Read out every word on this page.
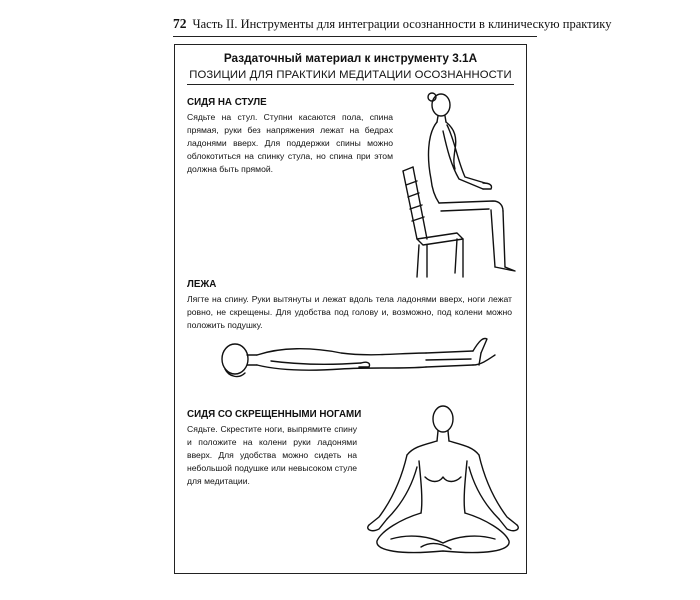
72 Часть II. Инструменты для интеграции осознанности в клиническую практику
Раздаточный материал к инструменту 3.1А
ПОЗИЦИИ ДЛЯ ПРАКТИКИ МЕДИТАЦИИ ОСОЗНАННОСТИ
СИДЯ НА СТУЛЕ
Сядьте на стул. Ступни касаются пола, спина прямая, руки без напряжения лежат на бедрах ладонями вверх. Для поддержки спины можно облокотиться на спинку стула, но спина при этом должна быть прямой.
ЛЕЖА
Лягте на спину. Руки вытянуты и лежат вдоль тела ладонями вверх, ноги лежат ровно, не скрещены. Для удобства под голову и, возможно, под колени можно положить подушку.
СИДЯ СО СКРЕЩЕННЫМИ НОГАМИ
Сядьте. Скрестите ноги, выпрямите спину и положите на колени руки ладонями вверх. Для удобства можно сидеть на небольшой подушке или невысоком стуле для медитации.
